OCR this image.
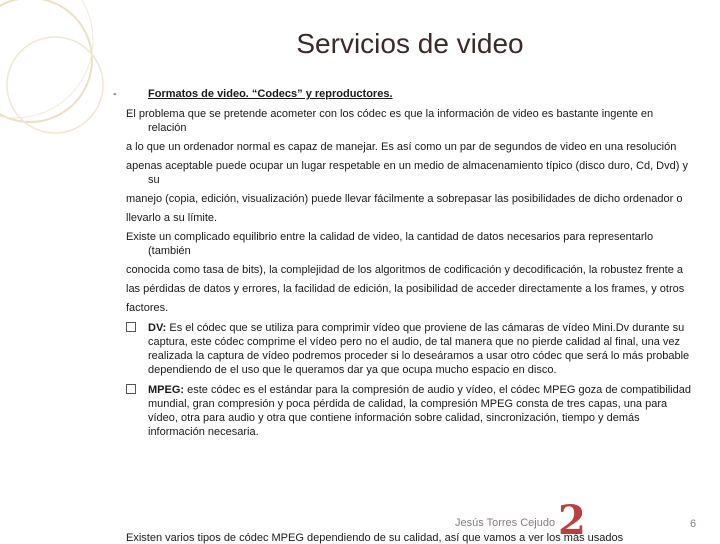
Servicios de video
-	Formatos de video. “Codecs” y reproductores.
El problema que se pretende acometer con los códec es que la información de video es bastante ingente en relación
a lo que un ordenador normal es capaz de manejar. Es así como un par de segundos de video en una resolución
apenas aceptable puede ocupar un lugar respetable en un medio de almacenamiento típico (disco duro, Cd, Dvd) y su
manejo (copia, edición, visualización) puede llevar fácilmente a sobrepasar las posibilidades de dicho ordenador o
llevarlo a su límite.
Existe un complicado equilibrio entre la calidad de video, la cantidad de datos necesarios para representarlo (también
conocida como tasa de bits), la complejidad de los algoritmos de codificación y decodificación, la robustez frente a
las pérdidas de datos y errores, la facilidad de edición, la posibilidad de acceder directamente a los frames, y otros
factores.
DV: Es el códec que se utiliza para comprimir vídeo que proviene de las cámaras de vídeo Mini.Dv durante su captura, este códec comprime el vídeo pero no el audio, de tal manera que no pierde calidad al final, una vez realizada la captura de vídeo podremos proceder si lo deseáramos a usar otro códec que será lo más probable dependiendo de el uso que le queramos dar ya que ocupa mucho espacio en disco.
MPEG: este códec es el estándar para la compresión de audio y vídeo, el códec MPEG goza de compatibilidad mundial, gran compresión y poca pérdida de calidad, la compresión MPEG consta de tres capas, una para vídeo, otra para audio y otra que contiene información sobre calidad, sincronización, tiempo y demás información necesaria.
2
Jesús Torres Cejudo	6
Existen varios tipos de códec MPEG dependiendo de su calidad, así que vamos a ver los más usados
